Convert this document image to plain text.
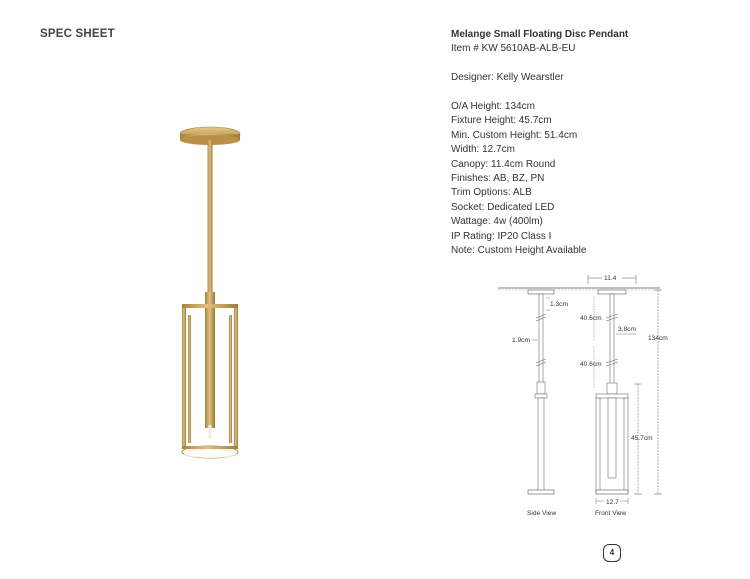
SPEC SHEET	Melange Small Floating Disc Pendant
Item # KW 5610AB-ALB-EU
Designer: Kelly Wearstler
O/A Height: 134cm
Fixture Height: 45.7cm
Min. Custom Height: 51.4cm
Width: 12.7cm
Canopy: 11.4cm Round
Finishes: AB, BZ, PN
Trim Options: ALB
Socket: Dedicated LED
Wattage: 4w (400lm)
IP Rating: IP20 Class I
Note: Custom Height Available
11.4
1.3cm
1.9cm
40.6cm
40.6cm
3.8cm
134cm
45.7cm
12.7
Side View	Front View
4
